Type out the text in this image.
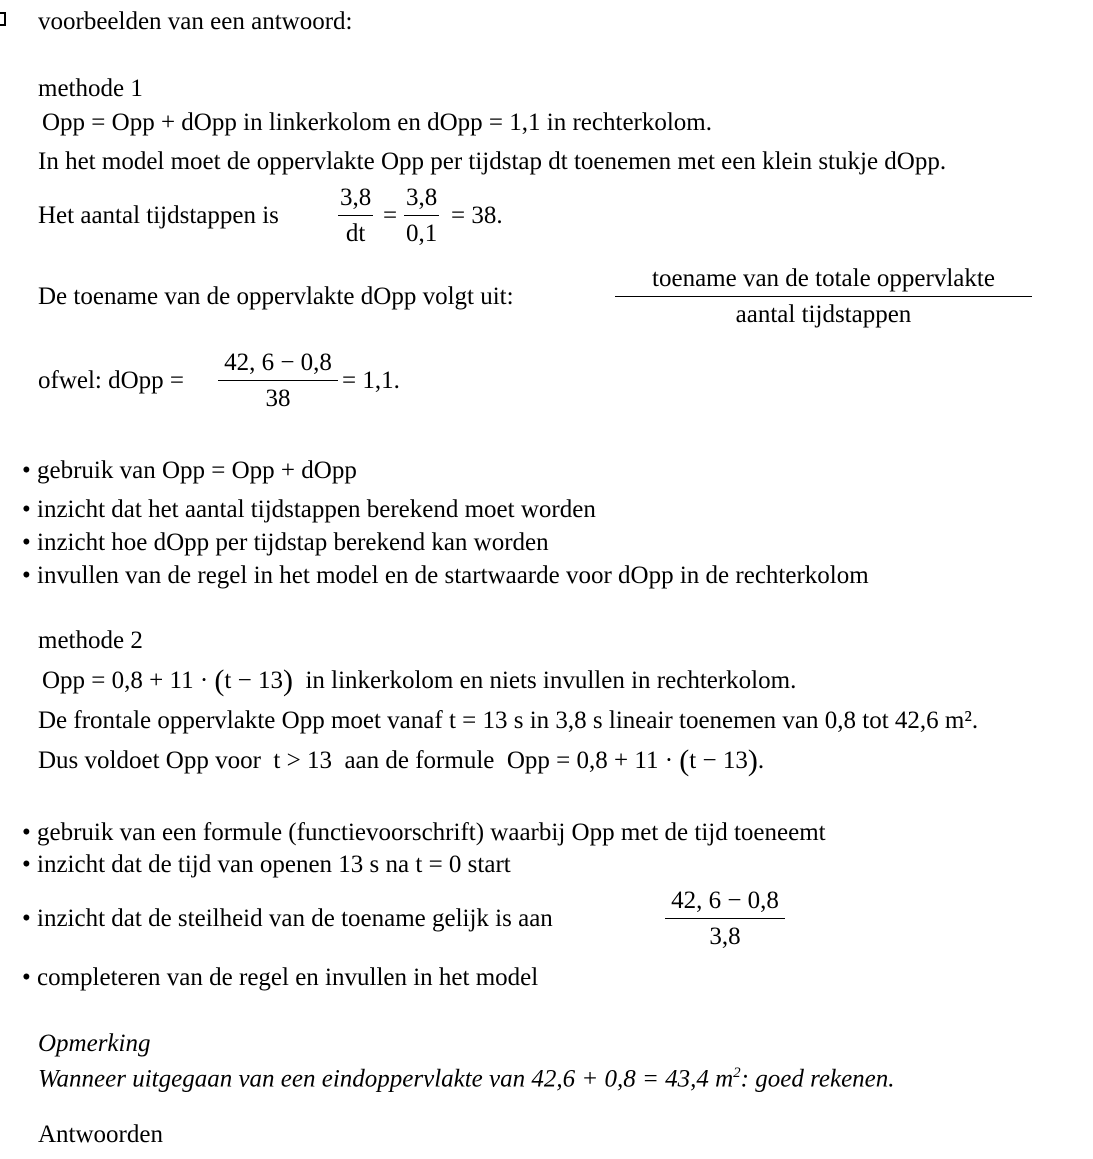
voorbeelden van een antwoord:
methode 1
Opp = Opp + dOpp in linkerkolom en dOpp = 1,1 in rechterkolom.
In het model moet de oppervlakte Opp per tijdstap dt toenemen met een klein stukje dOpp.
Het aantal tijdstappen is
3,8
dt
=
3,8
0,1
= 38.
De toename van de oppervlakte dOpp volgt uit:
toename van de totale oppervlakte
aantal tijdstappen
ofwel: dOpp =
42, 6 − 0,8
38
= 1,1.
• gebruik van Opp = Opp + dOpp
• inzicht dat het aantal tijdstappen berekend moet worden
• inzicht hoe dOpp per tijdstap berekend kan worden
• invullen van de regel in het model en de startwaarde voor dOpp in de rechterkolom
methode 2
Opp = 0,8 + 11 · (t − 13)  in linkerkolom en niets invullen in rechterkolom.
De frontale oppervlakte Opp moet vanaf t = 13 s in 3,8 s lineair toenemen van 0,8 tot 42,6 m².
Dus voldoet Opp voor  t > 13  aan de formule  Opp = 0,8 + 11 · (t − 13).
• gebruik van een formule (functievoorschrift) waarbij Opp met de tijd toeneemt
• inzicht dat de tijd van openen 13 s na t = 0 start
• inzicht dat de steilheid van de toename gelijk is aan
42, 6 − 0,8
3,8
• completeren van de regel en invullen in het model
Opmerking
Wanneer uitgegaan van een eindoppervlakte van 42,6 + 0,8 = 43,4 $m^2$: goed rekenen.
Antwoorden
